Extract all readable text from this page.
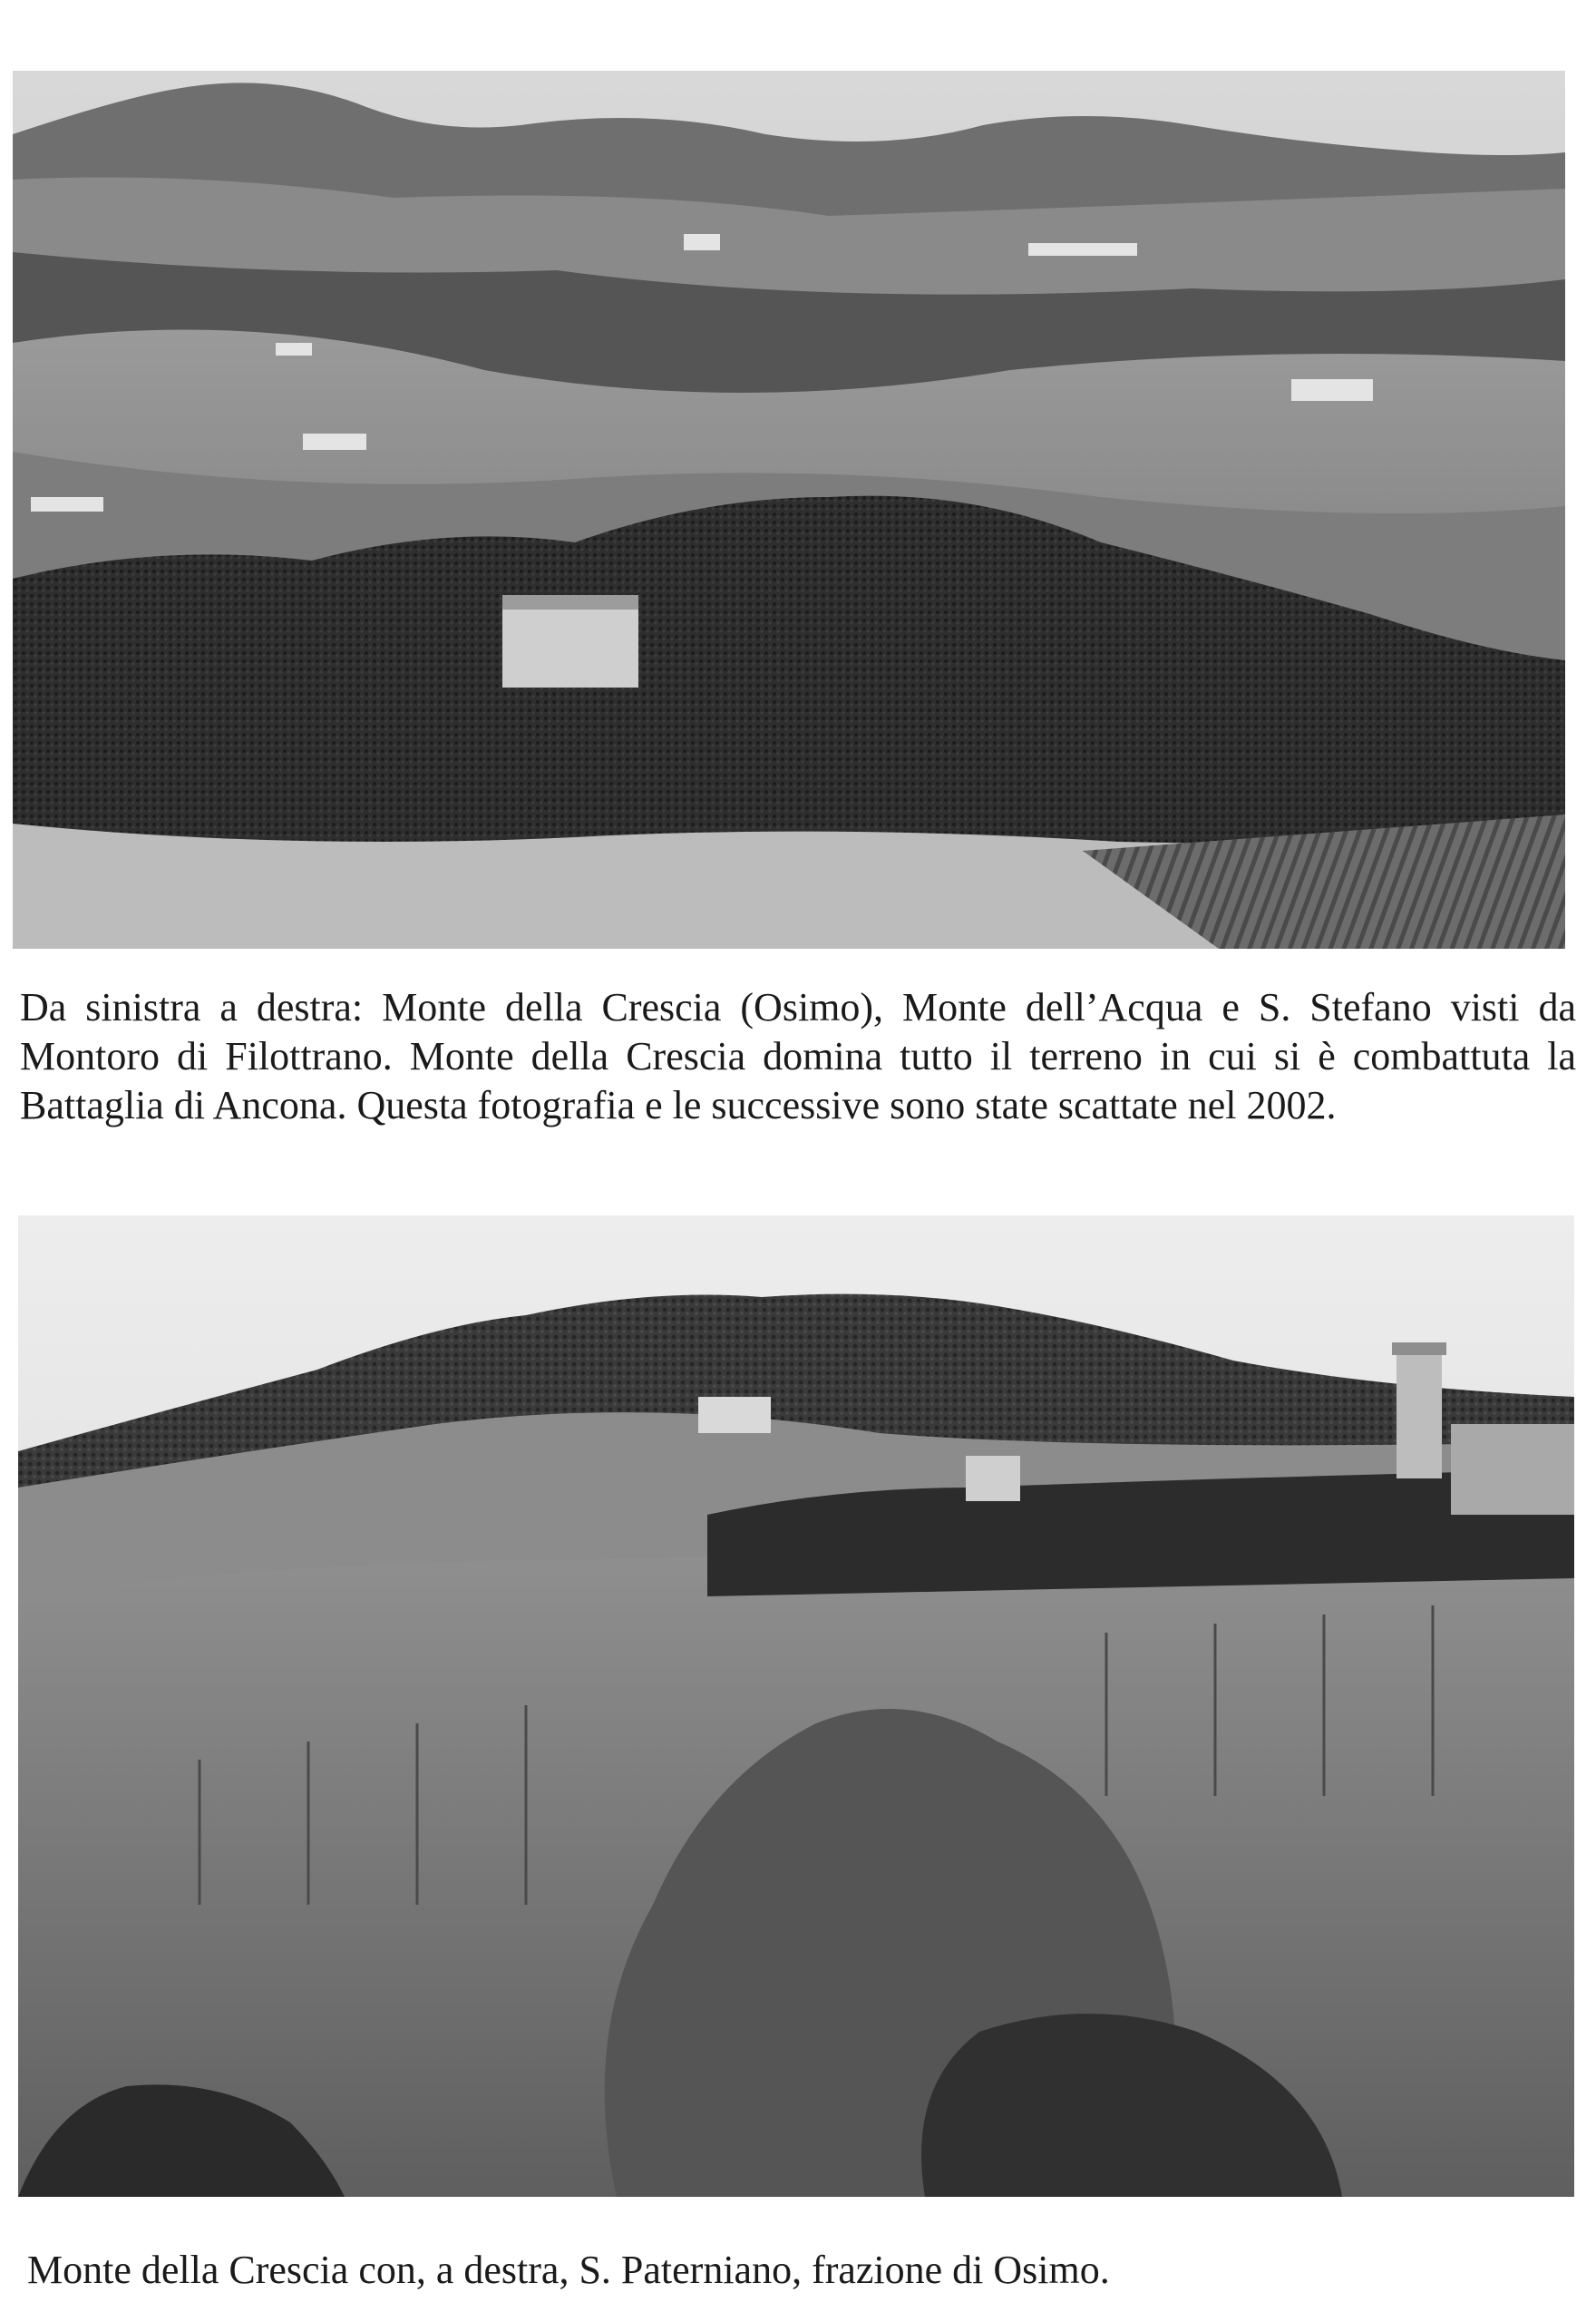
Da sinistra a destra: Monte della Crescia (Osimo), Monte dell’Acqua e S. Stefano visti da Montoro di Filottrano. Monte della Crescia domina tutto il terreno in cui si è combattuta la Battaglia di Ancona. Questa fotografia e le successive sono state scattate nel 2002.
Monte della Crescia con, a destra, S. Paterniano, frazione di Osimo.
